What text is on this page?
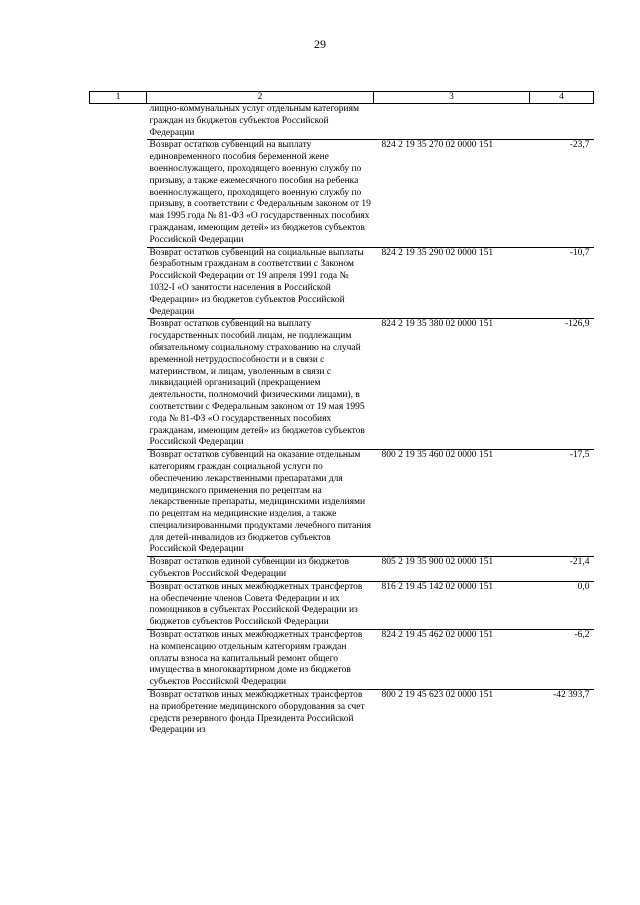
29
1	2	3	4
	лищно-коммунальных услуг отдельным категориям граждан из бюджетов субъектов Российской Федерации		
	Возврат остатков субвенций на выплату единовременного пособия беременной жене военнослужащего, проходящего военную службу по призыву, а также ежемесячного пособия на ребенка военнослужащего, проходящего военную службу по призыву, в соответствии с Федеральным законом от 19 мая 1995 года № 81-ФЗ «О государственных пособиях гражданам, имеющим детей» из бюджетов субъектов Российской Федерации	824 2 19 35 270 02 0000 151	-23,7
	Возврат остатков субвенций на социальные выплаты безработным гражданам в соответствии с Законом Российской Федерации от 19 апреля 1991 года № 1032-I «О занятости населения в Российской Федерации» из бюджетов субъектов Российской Федерации	824 2 19 35 290 02 0000 151	-10,7
	Возврат остатков субвенций на выплату государственных пособий лицам, не подлежащим обязательному социальному страхованию на случай временной нетрудоспособности и в связи с материнством, и лицам, уволенным в связи с ликвидацией организаций (прекращением деятельности, полномочий физическими лицами), в соответствии с Федеральным законом от 19 мая 1995 года № 81-ФЗ «О государственных пособиях гражданам, имеющим детей» из бюджетов субъектов Российской Федерации	824 2 19 35 380 02 0000 151	-126,9
	Возврат остатков субвенций на оказание отдельным категориям граждан социальной услуги по обеспечению лекарственными препаратами для медицинского применения по рецептам на лекарственные препараты, медицинскими изделиями по рецептам на медицинские изделия, а также специализированными продуктами лечебного питания для детей-инвалидов из бюджетов субъектов Российской Федерации	800 2 19 35 460 02 0000 151	-17,5
	Возврат остатков единой субвенции из бюджетов субъектов Российской Федерации	805 2 19 35 900 02 0000 151	-21,4
	Возврат остатков иных межбюджетных трансфертов на обеспечение членов Совета Федерации и их помощников в субъектах Российской Федерации из бюджетов субъектов Российской Федерации	816 2 19 45 142 02 0000 151	0,0
	Возврат остатков иных межбюджетных трансфертов на компенсацию отдельным категориям граждан оплаты взноса на капитальный ремонт общего имущества в многоквартирном доме из бюджетов субъектов Российской Федерации	824 2 19 45 462 02 0000 151	-6,2
	Возврат остатков иных межбюджетных трансфертов на приобретение медицинского оборудования за счет средств резервного фонда Президента Российской Федерации из	800 2 19 45 623 02 0000 151	-42 393,7
